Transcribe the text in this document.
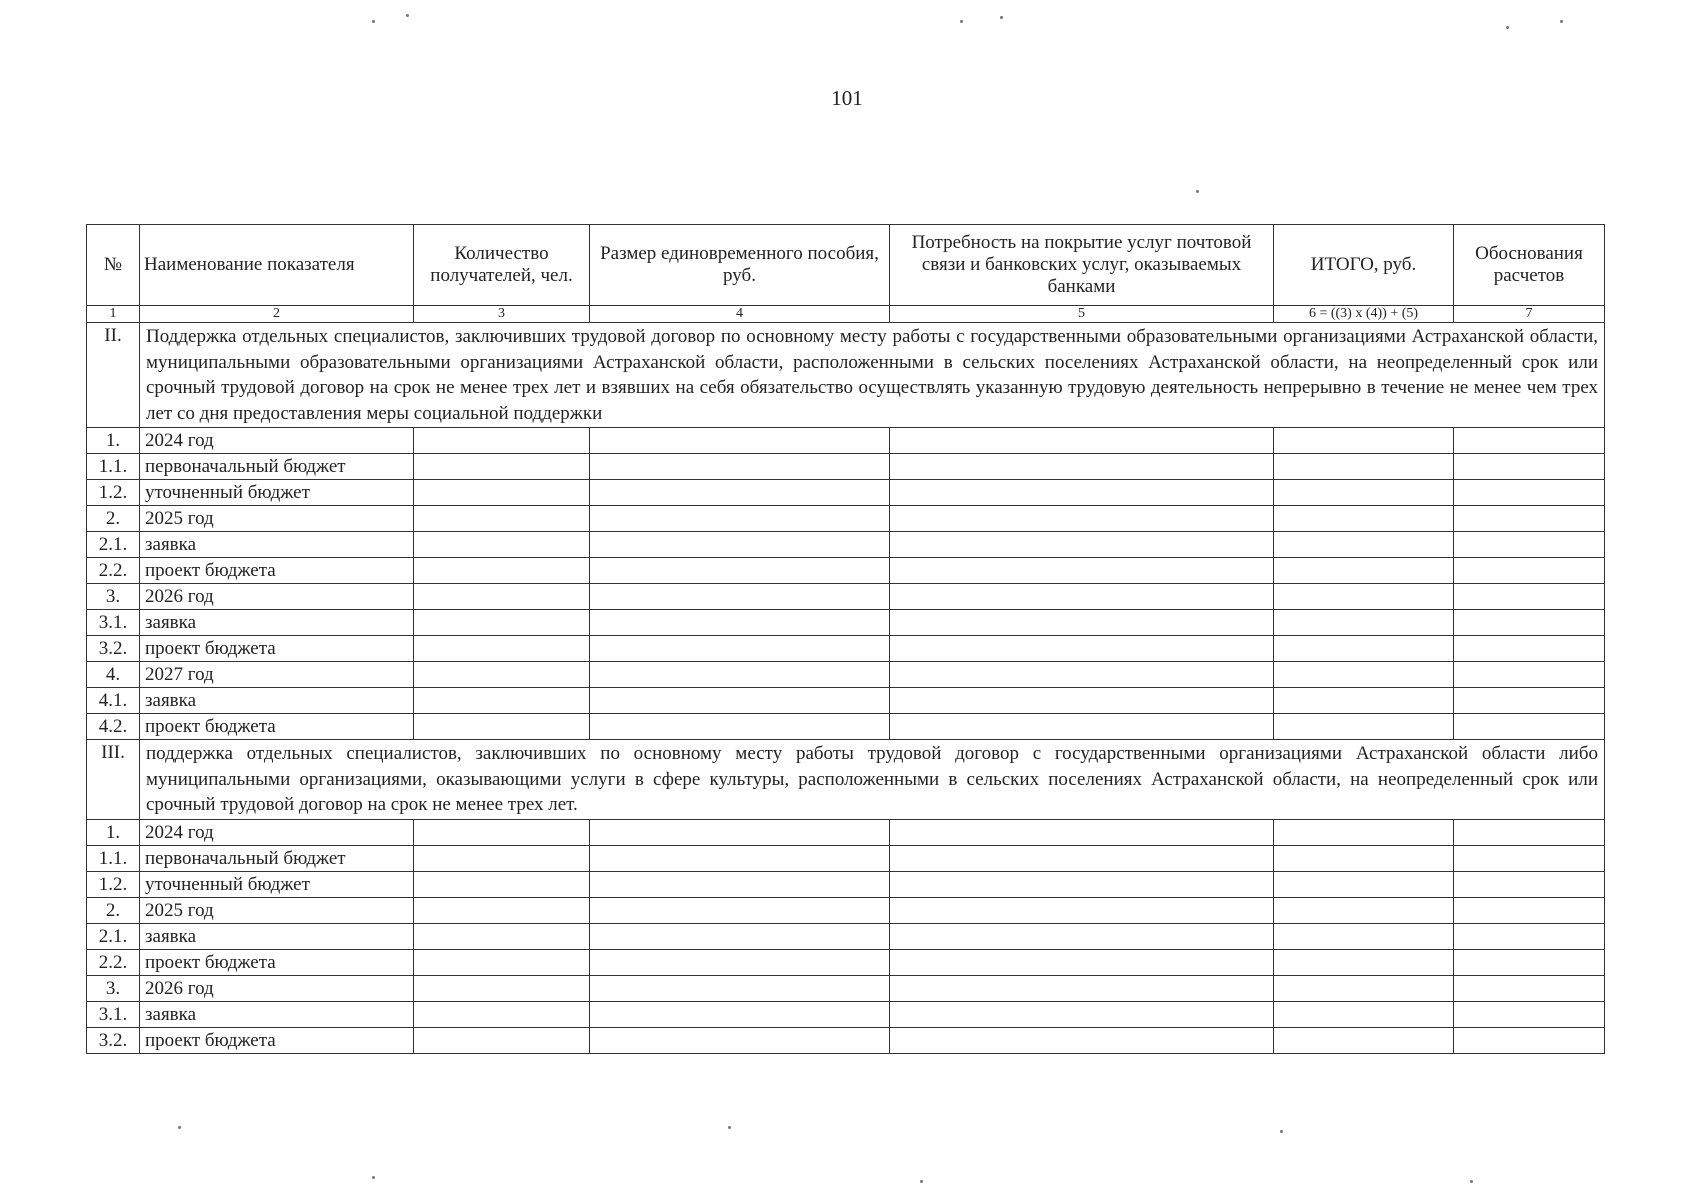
101
№	Наименование показателя	Количество получателей, чел.	Размер единовременного пособия, руб.	Потребность на покрытие услуг почтовой связи и банковских услуг, оказываемых банками	ИТОГО, руб.	Обоснования расчетов
1	2	3	4	5	6 = ((3) x (4)) + (5)	7
II.	Поддержка отдельных специалистов, заключивших трудовой договор по основному месту работы с государственными образовательными организациями Астраханской области, муниципальными образовательными организациями Астраханской области, расположенными в сельских поселениях Астраханской области, на неопределенный срок или срочный трудовой договор на срок не менее трех лет и взявших на себя обязательство осуществлять указанную трудовую деятельность непрерывно в течение не менее чем трех лет со дня предоставления меры социальной поддержки					
1.	2024 год					
1.1.	первоначальный бюджет					
1.2.	уточненный бюджет					
2.	2025 год					
2.1.	заявка					
2.2.	проект бюджета					
3.	2026 год					
3.1.	заявка					
3.2.	проект бюджета					
4.	2027 год					
4.1.	заявка					
4.2.	проект бюджета					
III.	поддержка отдельных специалистов, заключивших по основному месту работы трудовой договор с государственными организациями Астраханской области либо муниципальными организациями, оказывающими услуги в сфере культуры, расположенными в сельских поселениях Астраханской области, на неопределенный срок или срочный трудовой договор на срок не менее трех лет.					
1.	2024 год					
1.1.	первоначальный бюджет					
1.2.	уточненный бюджет					
2.	2025 год					
2.1.	заявка					
2.2.	проект бюджета					
3.	2026 год					
3.1.	заявка					
3.2.	проект бюджета					
